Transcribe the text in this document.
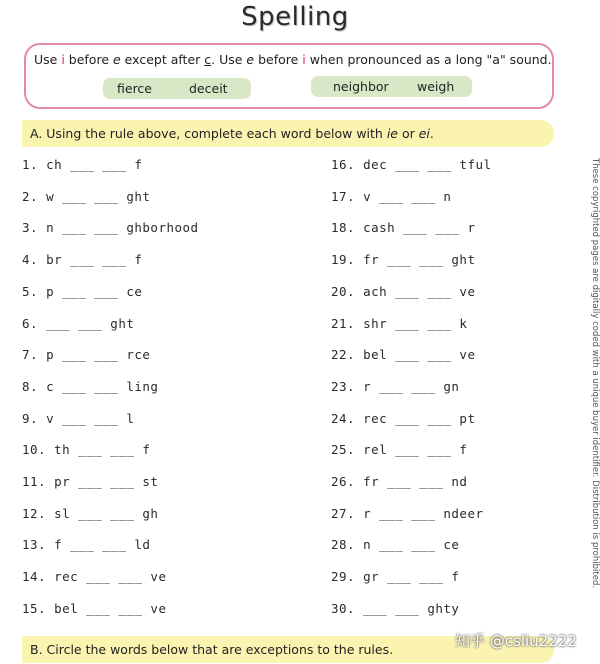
Spelling
Use i before e except after c. Use e before i when pronounced as a long "a" sound.
fierce	deceit	neighbor weigh
A. Using the rule above, complete each word below with ie or ei.
1. ch ___ ___ f
2. w ___ ___ ght
3. n ___ ___ ghborhood
4. br ___ ___ f
5. p ___ ___ ce
6. ___ ___ ght
7. p ___ ___ rce
8. c ___ ___ ling
9. v ___ ___ l
10. th ___ ___ f
11. pr ___ ___ st
12. sl ___ ___ gh
13. f ___ ___ ld
14. rec ___ ___ ve
15. bel ___ ___ ve
16. dec ___ ___ tful
17. v ___ ___ n
18. cash ___ ___ r
19. fr ___ ___ ght
20. ach ___ ___ ve
21. shr ___ ___ k
22. bel ___ ___ ve
23. r ___ ___ gn
24. rec ___ ___ pt
25. rel ___ ___ f
26. fr ___ ___ nd
27. r ___ ___ ndeer
28. n ___ ___ ce
29. gr ___ ___ f
30. ___ ___ ghty
B. Circle the words below that are exceptions to the rules.
These copyrighted pages are digitally coded with a unique buyer identifier. Distribution is prohibited.
知乎 @csliu2222
